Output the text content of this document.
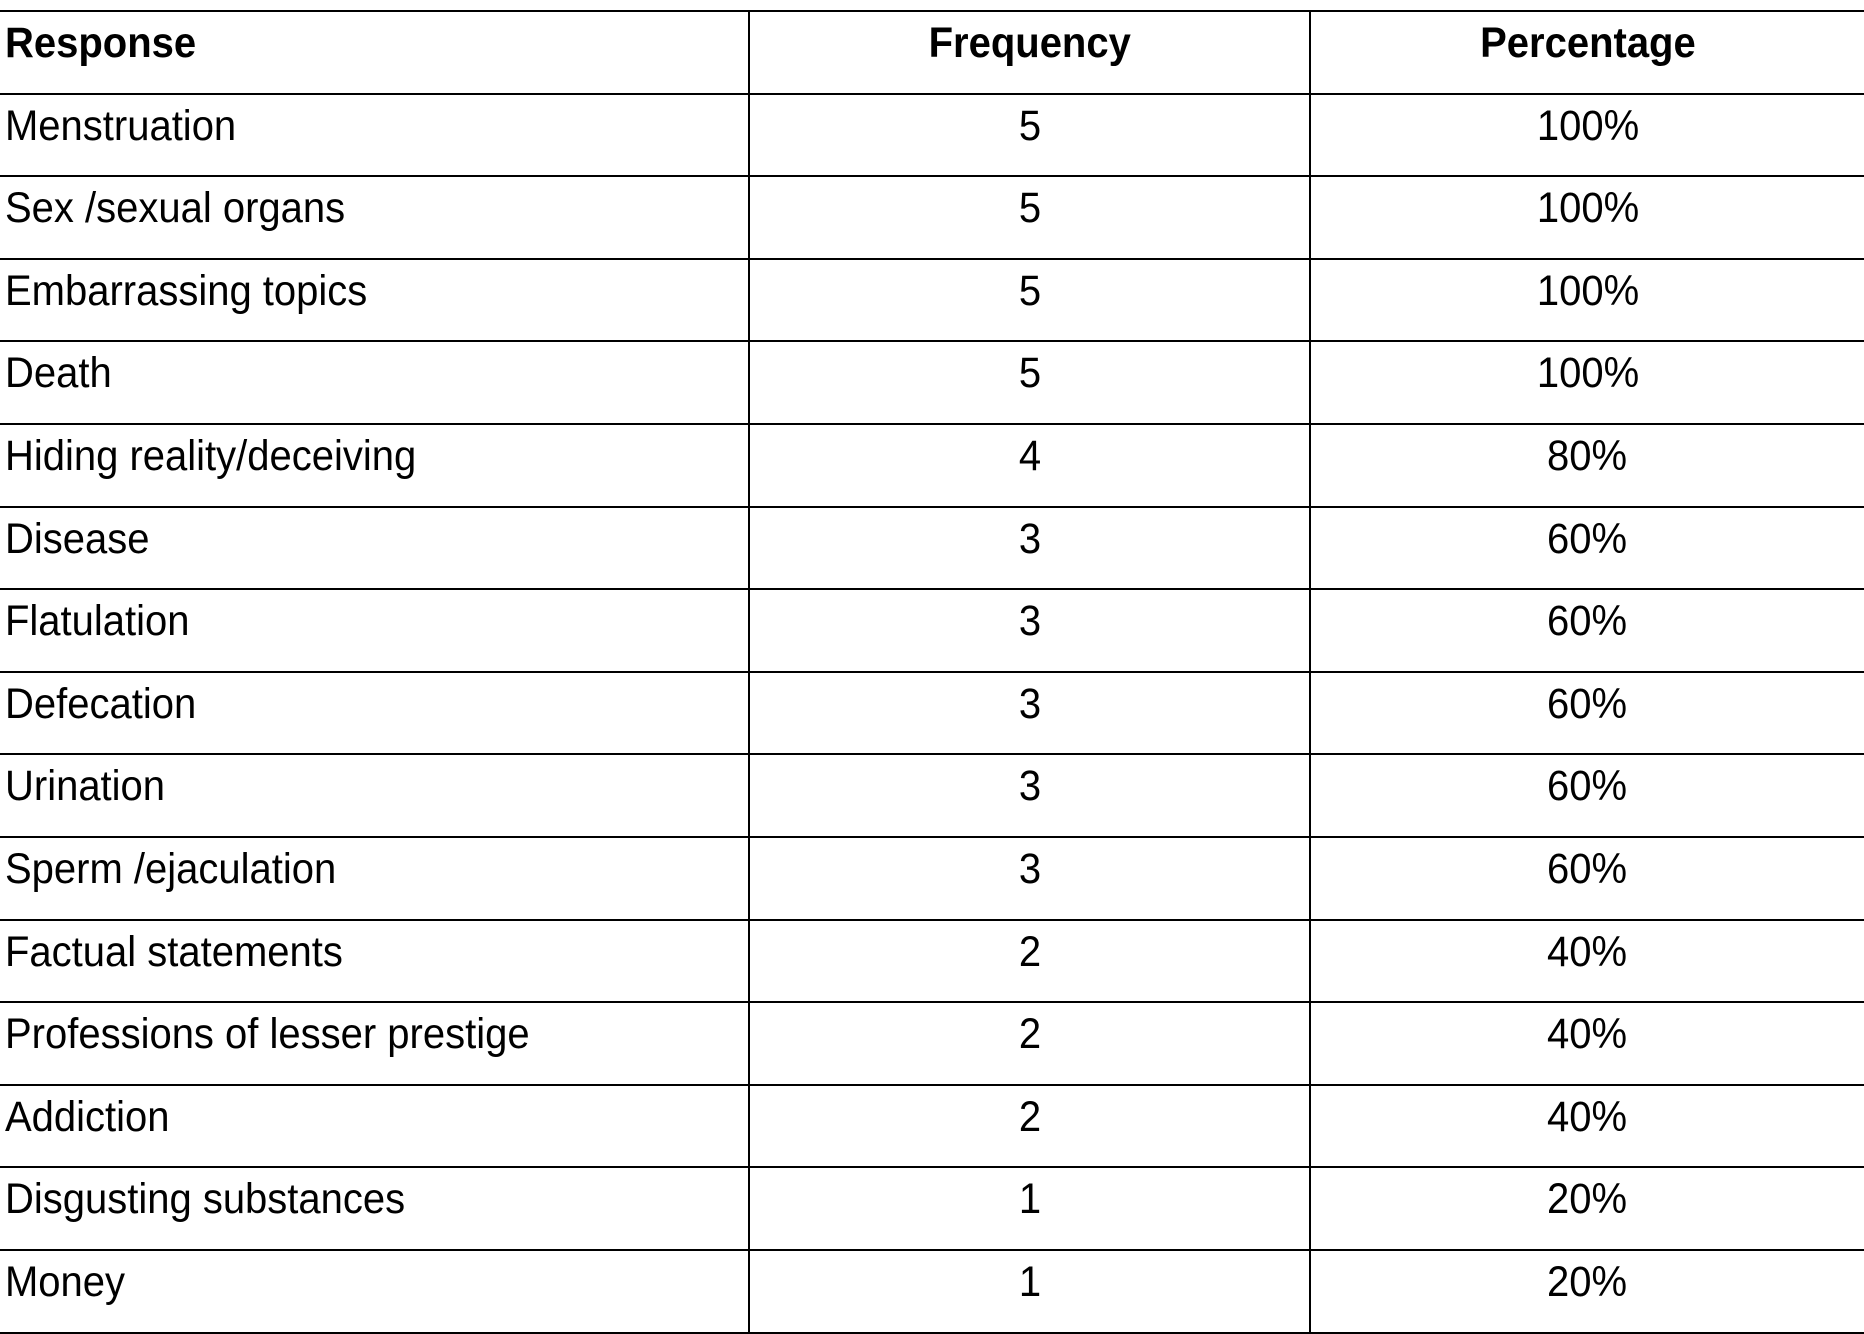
Response	Frequency	Percentage

Menstruation	5	100%

Sex /sexual organs	5	100%

Embarrassing topics	5	100%

Death	5	100%

Hiding reality/deceiving	4	80%

Disease	3	60%

Flatulation	3	60%

Defecation	3	60%

Urination	3	60%

Sperm /ejaculation	3	60%

Factual statements	2	40%

Professions of lesser prestige	2	40%

Addiction	2	40%

Disgusting substances	1	20%

Money	1	20%
